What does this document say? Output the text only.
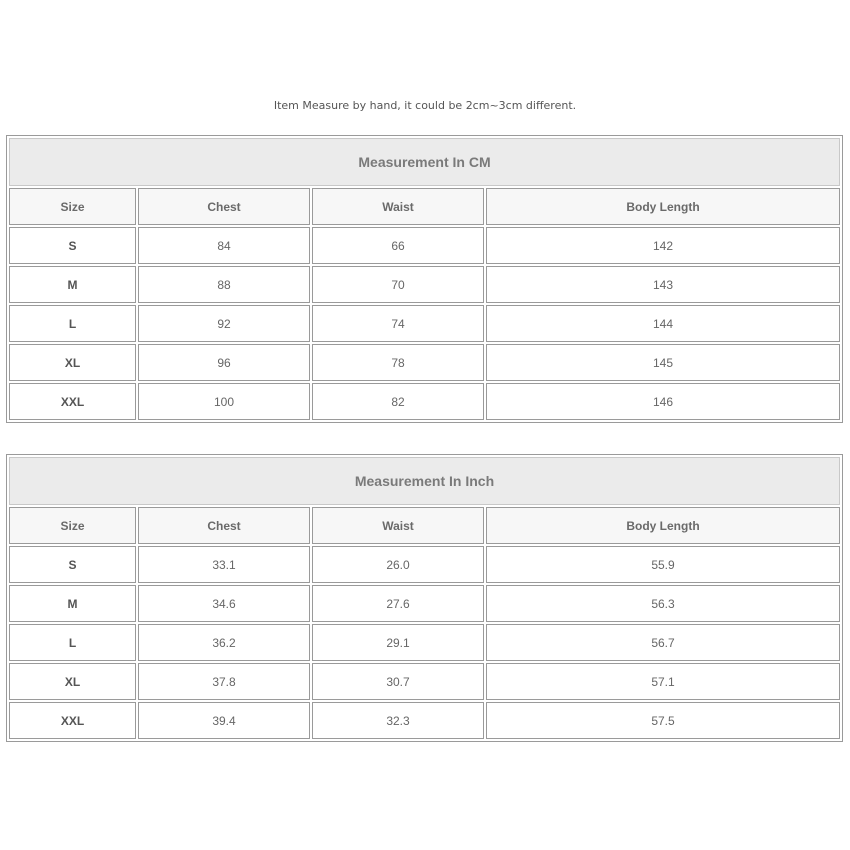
Item Measure by hand, it could be 2cm~3cm different.
Measurement In CM			
Size	Chest	Waist	Body Length
S	84	66	142
M	88	70	143
L	92	74	144
XL	96	78	145
XXL	100	82	146
Measurement In Inch			
Size	Chest	Waist	Body Length
S	33.1	26.0	55.9
M	34.6	27.6	56.3
L	36.2	29.1	56.7
XL	37.8	30.7	57.1
XXL	39.4	32.3	57.5
